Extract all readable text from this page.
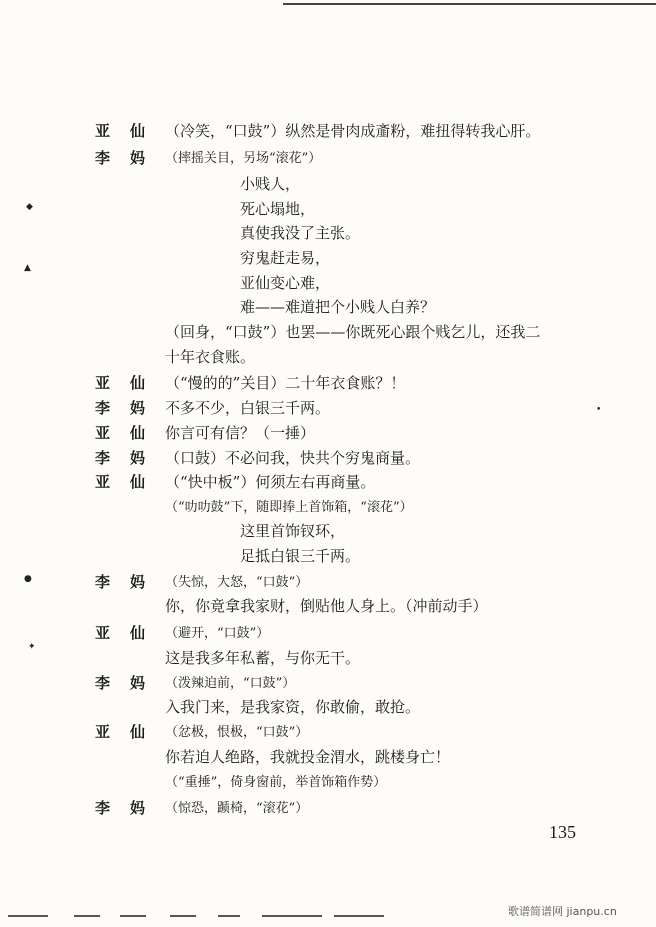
◆
▲
•
●
✦
亚仙 （冷笑，“口鼓”）纵然是骨肉成齑粉，难扭得转我心肝。
李妈 （摔摇关目，另场“滚花”）
小贱人，
死心塌地，
真使我没了主张。
穷鬼赶走易，
亚仙变心难，
难——难道把个小贱人白养？
（回身，“口鼓”）也罢——你既死心跟个贱乞儿，还我二
十年衣食账。
亚仙 （“慢的的”关目）二十年衣食账？！
李妈 不多不少，白银三千两。
亚仙 你言可有信？（一捶）
李妈 （口鼓）不必问我，快共个穷鬼商量。
亚仙 （“快中板”）何须左右再商量。
（“叻叻鼓”下，随即捧上首饰箱，“滚花”）
这里首饰钗环，
足抵白银三千两。
李妈 （失惊，大怒，“口鼓”）
你，你竟拿我家财，倒贴他人身上。（冲前动手）
亚仙 （避开，“口鼓”）
这是我多年私蓄，与你无干。
李妈 （泼辣迫前，“口鼓”）
入我门来，是我家资，你敢偷，敢抢。
亚仙 （忿极，恨极，“口鼓”）
你若迫人绝路，我就投金渭水，跳楼身亡！
（“重捶”，倚身窗前，举首饰箱作势）
李妈 （惊恐，踬椅，“滚花”）
135
歌谱简谱网 jianpu.cn
